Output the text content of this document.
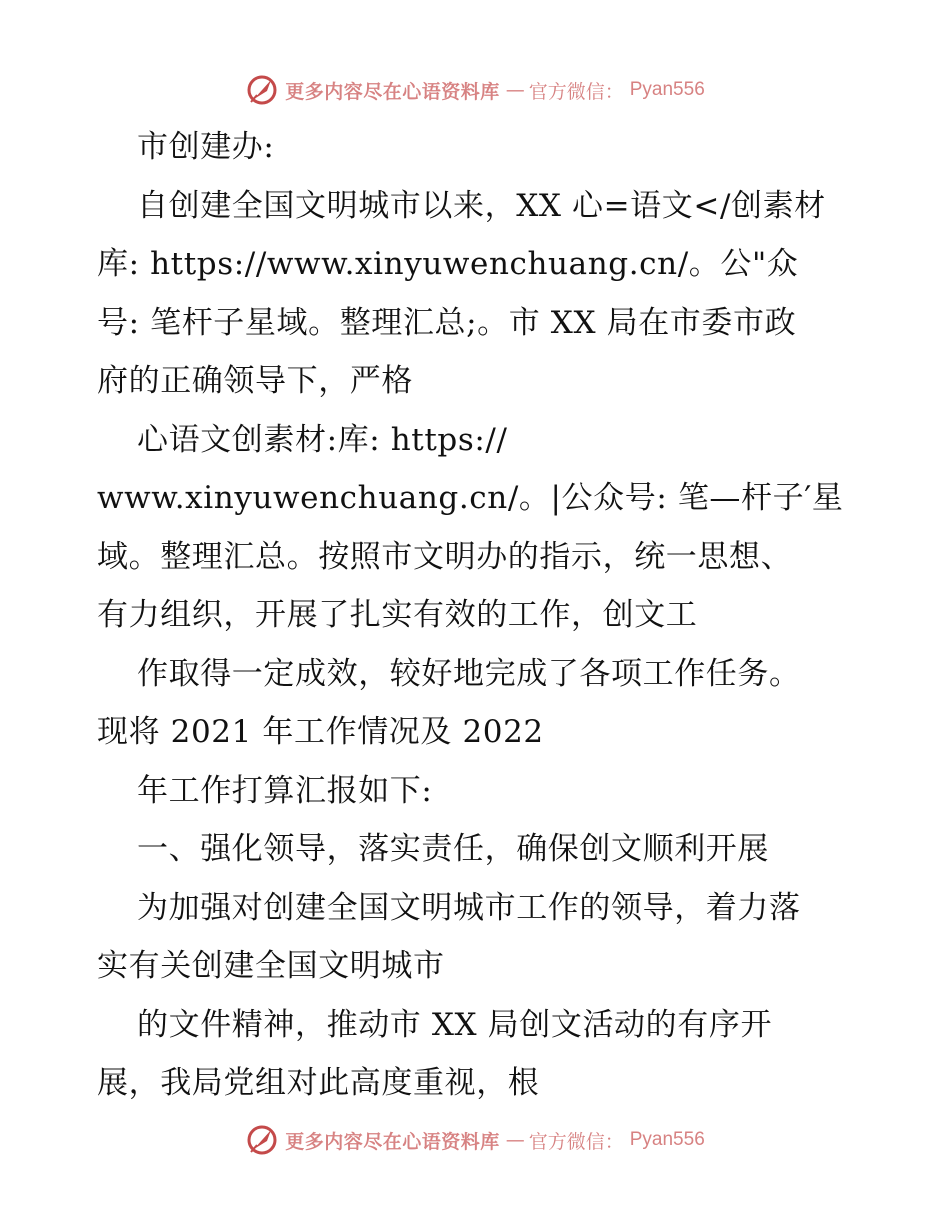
更多内容尽在心语资料库 — 官方微信： Pyan556
市创建办:
自创建全国文明城市以来，XX 心=语文</创素材
库: https://www.xinyuwenchuang.cn/。公"众
号: 笔杆子星域。整理汇总;。市 XX 局在市委市政
府的正确领导下，严格
心语文创素材:库: https://
www.xinyuwenchuang.cn/。|公众号: 笔—杆子′星
域。整理汇总。按照市文明办的指示，统一思想、
有力组织，开展了扎实有效的工作，创文工
作取得一定成效，较好地完成了各项工作任务。
现将 2021 年工作情况及 2022
年工作打算汇报如下:
一、强化领导，落实责任，确保创文顺利开展
为加强对创建全国文明城市工作的领导，着力落
实有关创建全国文明城市
的文件精神，推动市 XX 局创文活动的有序开
展，我局党组对此高度重视，根
更多内容尽在心语资料库 — 官方微信： Pyan556
